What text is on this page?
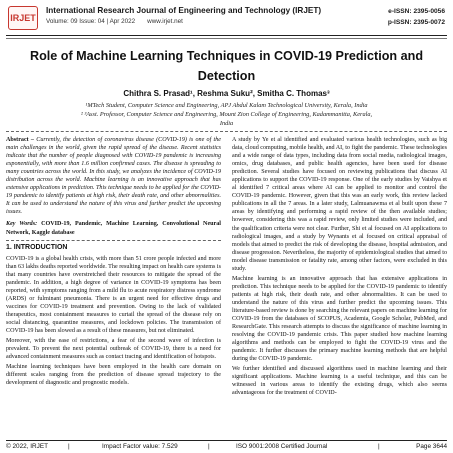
IRJET
International Research Journal of Engineering and Technology (IRJET)
Volume: 09 Issue: 04 | Apr 2022 www.irjet.net
e-ISSN: 2395-0056
p-ISSN: 2395-0072
Role of Machine Learning Techniques in COVID-19 Prediction and
Detection
Chithra S. Prasad¹, Reshma Suku², Smitha C. Thomas³
¹MTech Student, Computer Science and Engineering, APJ Abdul Kalam Technological University, Kerala, India
² ³Asst. Professor, Computer Science and Engineering, Mount Zion College of Engineering, Kadammanitta, Kerala,
India

Abstract – Currently, the detection of coronavirus disease (COVID-19) is one of the main challenges in the world, given the rapid spread of the disease. Recent statistics indicate that the number of people diagnosed with COVID-19 pandemic is increasing exponentially, with more than 1.6 million confirmed cases. The disease is spreading to many countries across the world. In this study, we analyzes the incidence of COVID-19 distribution across the world. Machine learning is an innovative approach that has extensive applications in prediction. This technique needs to be applied for the COVID-19 pandemic to identify patients at high risk, their death rate, and other abnormalities. It can be used to understand the nature of this virus and further predict the upcoming issues.

Key Words: COVID-19, Pandemic, Machine Learning, Convolutional Neural Network, Kaggle database

1. INTRODUCTION

COVID-19 is a global health crisis, with more than 51 crore people infected and more than 63 lakhs deaths reported worldwide. The resulting impact on health care systems is that many countries have overstretched their resources to mitigate the spread of the pandemic. In addition, a high degree of variance in COVID-19 symptoms has been reported, with symptoms ranging from a mild flu to acute respiratory distress syndrome (ARDS) or fulminant pneumonia. There is an urgent need for effective drugs and vaccines for COVID-19 treatment and prevention. Owing to the lack of validated therapeutics, most containment measures to curtail the spread of the disease rely on social distancing, quarantine measures, and lockdown policies. The transmission of COVID-19 has been slowed as a result of these measures, but not eliminated.

Moreover, with the ease of restrictions, a fear of the second wave of infection is prevalent. To prevent the next potential outbreak of COVID-19, there is a need for advanced containment measures such as contact tracing and identification of hotspots.

Machine learning techniques have been employed in the health care domain on different scales ranging from the prediction of disease spread trajectory to the development of diagnostic and prognostic models.

A study by Ye et al identified and evaluated various health technologies, such as big data, cloud computing, mobile health, and AI, to fight the pandemic. These technologies and a wide range of data types, including data from social media, radiological images, omics, drug databases, and public health agencies, have been used for disease prediction. Several studies have focused on reviewing publications that discuss AI applications to support the COVID-19 response. One of the early studies by Vaishya et al identified 7 critical areas where AI can be applied to monitor and control the COVID-19 pandemic. However, given that this was an early work, this review lacked publications in all the 7 areas. In a later study, Lalmuanawma et al built upon these 7 areas by identifying and performing a rapid review of the then available studies; however, considering this was a rapid review, only limited studies were included, and the qualification criteria were not clear. Further, Shi et al focused on AI applications to radiological images, and a study by Wynants et al focused on critical appraisal of models that aimed to predict the risk of developing the disease, hospital admission, and disease progression. Nevertheless, the majority of epidemiological studies that aimed to model disease transmission or fatality rate, among other factors, were excluded in this study.

Machine learning is an innovative approach that has extensive applications in prediction. This technique needs to be applied for the COVID-19 pandemic to identify patients at high risk, their death rate, and other abnormalities. It can be used to understand the nature of this virus and further predict the upcoming issues. This literature-based review is done by searching the relevant papers on machine learning for COVID-19 from the databases of SCOPUS, Academia, Google Scholar, PubMed, and ResearchGate. This research attempts to discuss the significance of machine learning in resolving the COVID-19 pandemic crisis. This paper studied how machine learning algorithms and methods can be employed to fight the COVID-19 virus and the pandemic. It further discusses the primary machine learning methods that are helpful during the COVID-19 pandemic.

We further identified and discussed algorithms used in machine learning and their significant applications. Machine learning is a useful technique, and this can be witnessed in various areas to identify the existing drugs, which also seems advantageous for the treatment of COVID-

© 2022, IRJET	|	Impact Factor value: 7.529	|	ISO 9001:2008 Certified Journal	|	Page 3644
